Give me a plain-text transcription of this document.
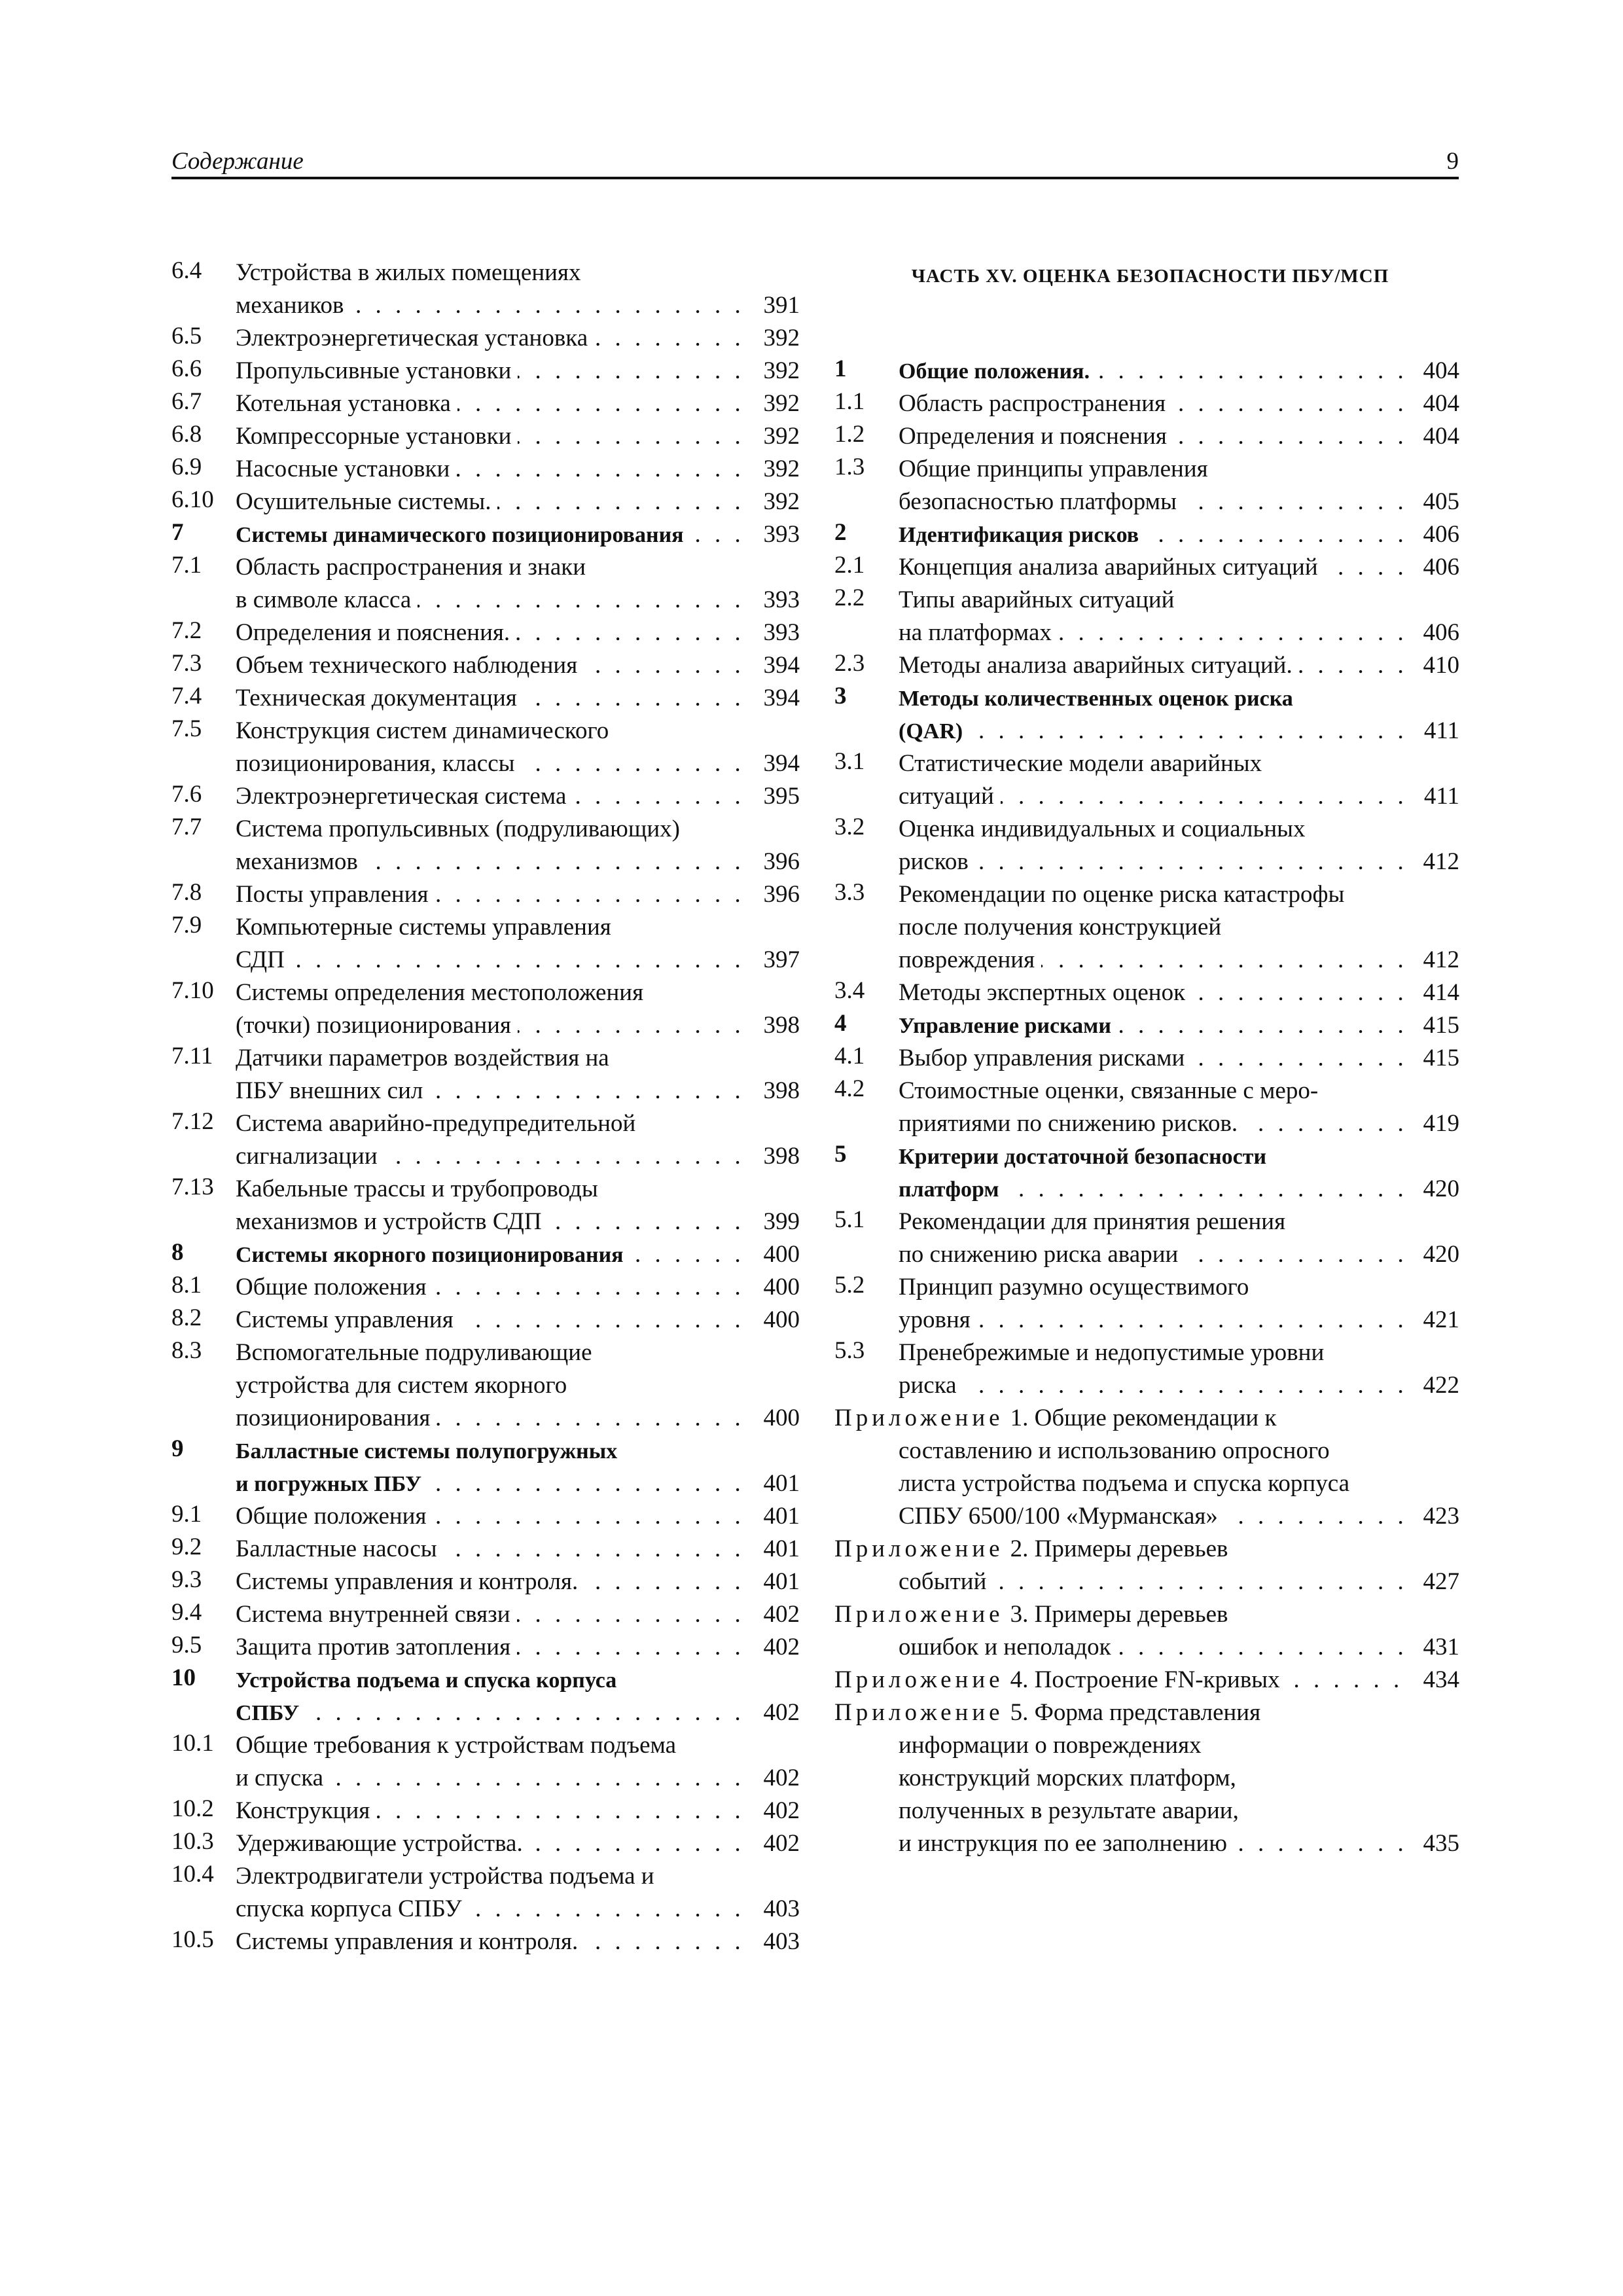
Содержание	9
6.4 Устройства в жилых помещениях
. . . механиков	391
6.5 . . . Электроэнергетическая установка	392
6.6 . . . Пропульсивные установки	392
6.7 . . . Котельная установка	392
6.8 . . . Компрессорные установки	392
6.9 . . . Насосные установки	392
6.10 . . . Осушительные системы.	392
7 . . . Системы динамического позиционирования	393
7.1 Область распространения и знаки
. . . в символе класса	393
7.2 . . . Определения и пояснения.	393
7.3 . . . Объем технического наблюдения	394
7.4 . . . Техническая документация	394
7.5 Конструкция систем динамического
. . . позиционирования, классы	394
7.6 . . . Электроэнергетическая система	395
7.7 Система пропульсивных (подруливающих)
. . . механизмов	396
7.8 . . . Посты управления	396
7.9 Компьютерные системы управления
. . . СДП	397
7.10 Системы определения местоположения
. . . (точки) позиционирования	398
7.11 Датчики параметров воздействия на
. . . ПБУ внешних сил	398
7.12 Система аварийно-предупредительной
. . . сигнализации	398
7.13 Кабельные трассы и трубопроводы
. . . механизмов и устройств СДП	399
8 . . . Системы якорного позиционирования	400
8.1 . . . Общие положения	400
8.2 . . . Системы управления	400
8.3 Вспомогательные подруливающие
устройства для систем якорного
. . . позиционирования	400
9 Балластные системы полупогружных
. . . и погружных ПБУ	401
9.1 . . . Общие положения	401
9.2 . . . Балластные насосы	401
9.3 . . . Системы управления и контроля.	401
9.4 . . . Система внутренней связи	402
9.5 . . . Защита против затопления	402
10 Устройства подъема и спуска корпуса
. . . СПБУ	402
10.1 Общие требования к устройствам подъема
. . . и спуска	402
10.2 . . . Конструкция	402
10.3 . . . Удерживающие устройства.	402
10.4 Электродвигатели устройства подъема и
. . . спуска корпуса СПБУ	403
10.5 . . . Системы управления и контроля.	403
ЧАСТЬ XV. ОЦЕНКА БЕЗОПАСНОСТИ ПБУ/МСП
1 . . . Общие положения.	404
1.1 . . . Область распространения	404
1.2 . . . Определения и пояснения	404
1.3 Общие принципы управления
. . . безопасностью платформы	405
2 . . . Идентификация рисков	406
2.1 . . . Концепция анализа аварийных ситуаций	406
2.2 Типы аварийных ситуаций
. . . на платформах	406
2.3 . . . Методы анализа аварийных ситуаций.	410
3 Методы количественных оценок риска
. . . (QAR)	411
3.1 Статистические модели аварийных
. . . ситуаций	411
3.2 Оценка индивидуальных и социальных
. . . рисков	412
3.3 Рекомендации по оценке риска катастрофы
после получения конструкцией
. . . повреждения	412
3.4 . . . Методы экспертных оценок	414
4 . . . Управление рисками	415
4.1 . . . Выбор управления рисками	415
4.2 Стоимостные оценки, связанные с меро-
. . . приятиями по снижению рисков.	419
5 Критерии достаточной безопасности
. . . платформ	420
5.1 Рекомендации для принятия решения
. . . по снижению риска аварии	420
5.2 Принцип разумно осуществимого
. . . уровня	421
5.3 Пренебрежимые и недопустимые уровни
. . . риска	422
Приложение 1. Общие рекомендации к
составлению и использованию опросного
листа устройства подъема и спуска корпуса
. . . СПБУ 6500/100 «Мурманская»	423
Приложение 2. Примеры деревьев
. . . событий	427
Приложение 3. Примеры деревьев
. . . ошибок и неполадок	431
. . . Приложение 4. Построение FN-кривых	434
Приложение 5. Форма представления
информации о повреждениях
конструкций морских платформ,
полученных в результате аварии,
. . . и инструкция по ее заполнению	435
